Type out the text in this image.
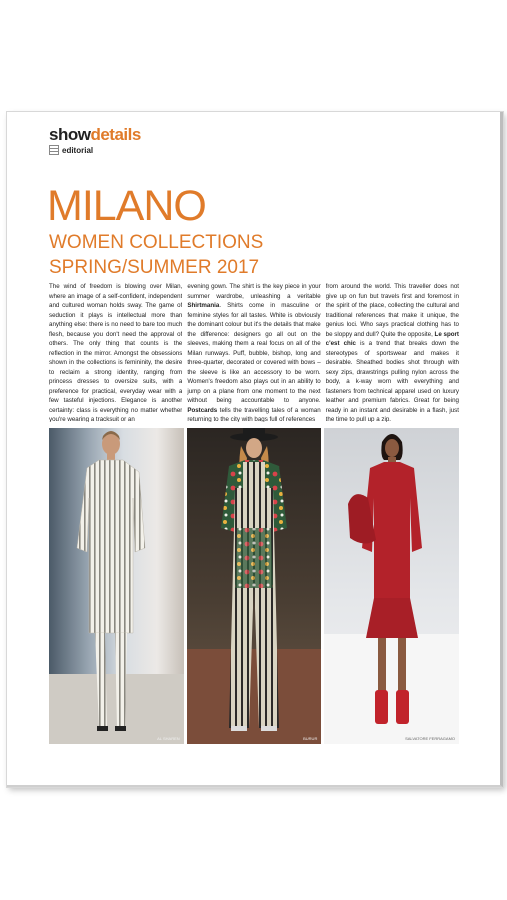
showdetails
editorial
MILANO
WOMEN COLLECTIONS
SPRING/SUMMER 2017
The wind of freedom is blowing over Milan, where an image of a self-confident, independent and cultured woman holds sway. The game of seduction it plays is intellectual more than anything else: there is no need to bare too much flesh, because you don't need the approval of others. The only thing that counts is the reflection in the mirror. Amongst the obsessions shown in the collections is femininity, the desire to reclaim a strong identity, ranging from princess dresses to oversize suits, with a preference for practical, everyday wear with a few tasteful injections. Elegance is another certainty: class is everything no matter whether you're wearing a tracksuit or an
evening gown. The shirt is the key piece in your summer wardrobe, unleashing a veritable Shirtmania. Shirts come in masculine or feminine styles for all tastes. White is obviously the dominant colour but it's the details that make the difference: designers go all out on the sleeves, making them a real focus on all of the Milan runways. Puff, bubble, bishop, long and three-quarter, decorated or covered with bows – the sleeve is like an accessory to be worn. Women's freedom also plays out in an ability to jump on a plane from one moment to the next without being accountable to anyone. Postcards tells the travelling tales of a woman returning to the city with bags full of references
from around the world. This traveller does not give up on fun but travels first and foremost in the spirit of the place, collecting the cultural and traditional references that make it unique, the genius loci. Who says practical clothing has to be sloppy and dull? Quite the opposite, Le sport c'est chic is a trend that breaks down the stereotypes of sportswear and makes it desirable. Sheathed bodies shot through with sexy zips, drawstrings pulling nylon across the body, a k-way worn with everything and fasteners from technical apparel used on luxury leather and premium fabrics. Great for being ready in an instant and desirable in a flash, just the time to pull up a zip.
AL SHAREN	BURUR	SALVATORE FERRAGAMO
